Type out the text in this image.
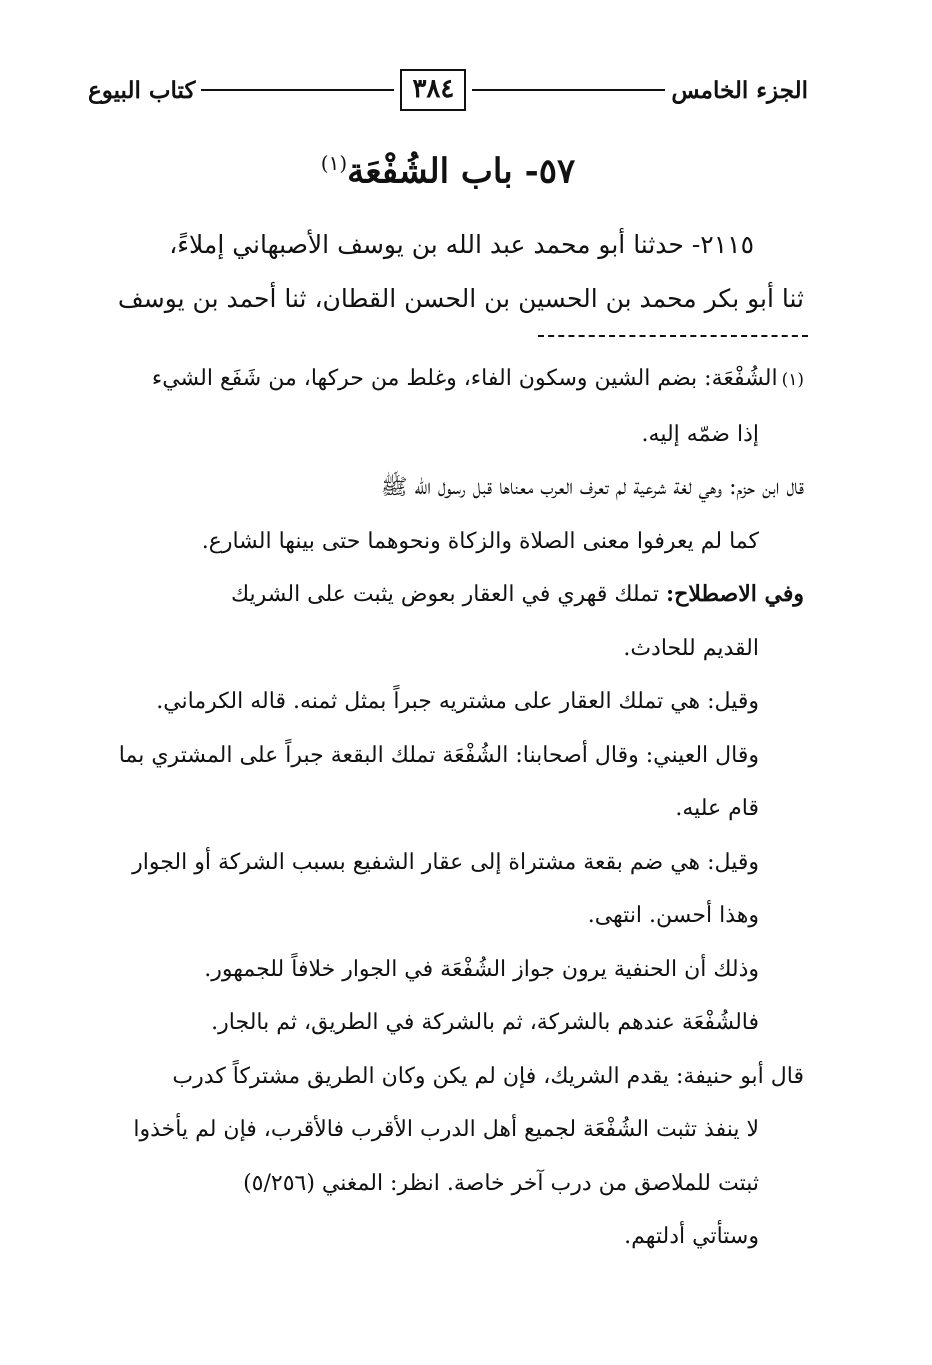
الجزء الخامس
٣٨٤
كتاب البيوع
٥٧- باب الشُفْعَة$^{(١)}$
٢١١٥- حدثنا أبو محمد عبد الله بن يوسف الأصبهاني إملاءً،
ثنا أبو بكر محمد بن الحسين بن الحسن القطان، ثنا أحمد بن يوسف
(١)الشُفْعَة: بضم الشين وسكون الفاء، وغلط من حركها، من شَفَع الشيء
إذا ضمّه إليه.
قال ابن حزم: وهي لغة شرعية لم تعرف العرب معناها قبل رسول الله ﷺ
كما لم يعرفوا معنى الصلاة والزكاة ونحوهما حتى بينها الشارع.
وفي الاصطلاح: تملك قهري في العقار بعوض يثبت على الشريك
القديم للحادث.
وقيل: هي تملك العقار على مشتريه جبراً بمثل ثمنه. قاله الكرماني.
وقال العيني: وقال أصحابنا: الشُفْعَة تملك البقعة جبراً على المشتري بما
قام عليه.
وقيل: هي ضم بقعة مشتراة إلى عقار الشفيع بسبب الشركة أو الجوار
وهذا أحسن. انتهى.
وذلك أن الحنفية يرون جواز الشُفْعَة في الجوار خلافاً للجمهور.
فالشُفْعَة عندهم بالشركة، ثم بالشركة في الطريق، ثم بالجار.
قال أبو حنيفة: يقدم الشريك، فإن لم يكن وكان الطريق مشتركاً كدرب
لا ينفذ تثبت الشُفْعَة لجميع أهل الدرب الأقرب فالأقرب، فإن لم يأخذوا
ثبتت للملاصق من درب آخر خاصة. انظر: المغني (٥/٢٥٦)
وستأتي أدلتهم.
